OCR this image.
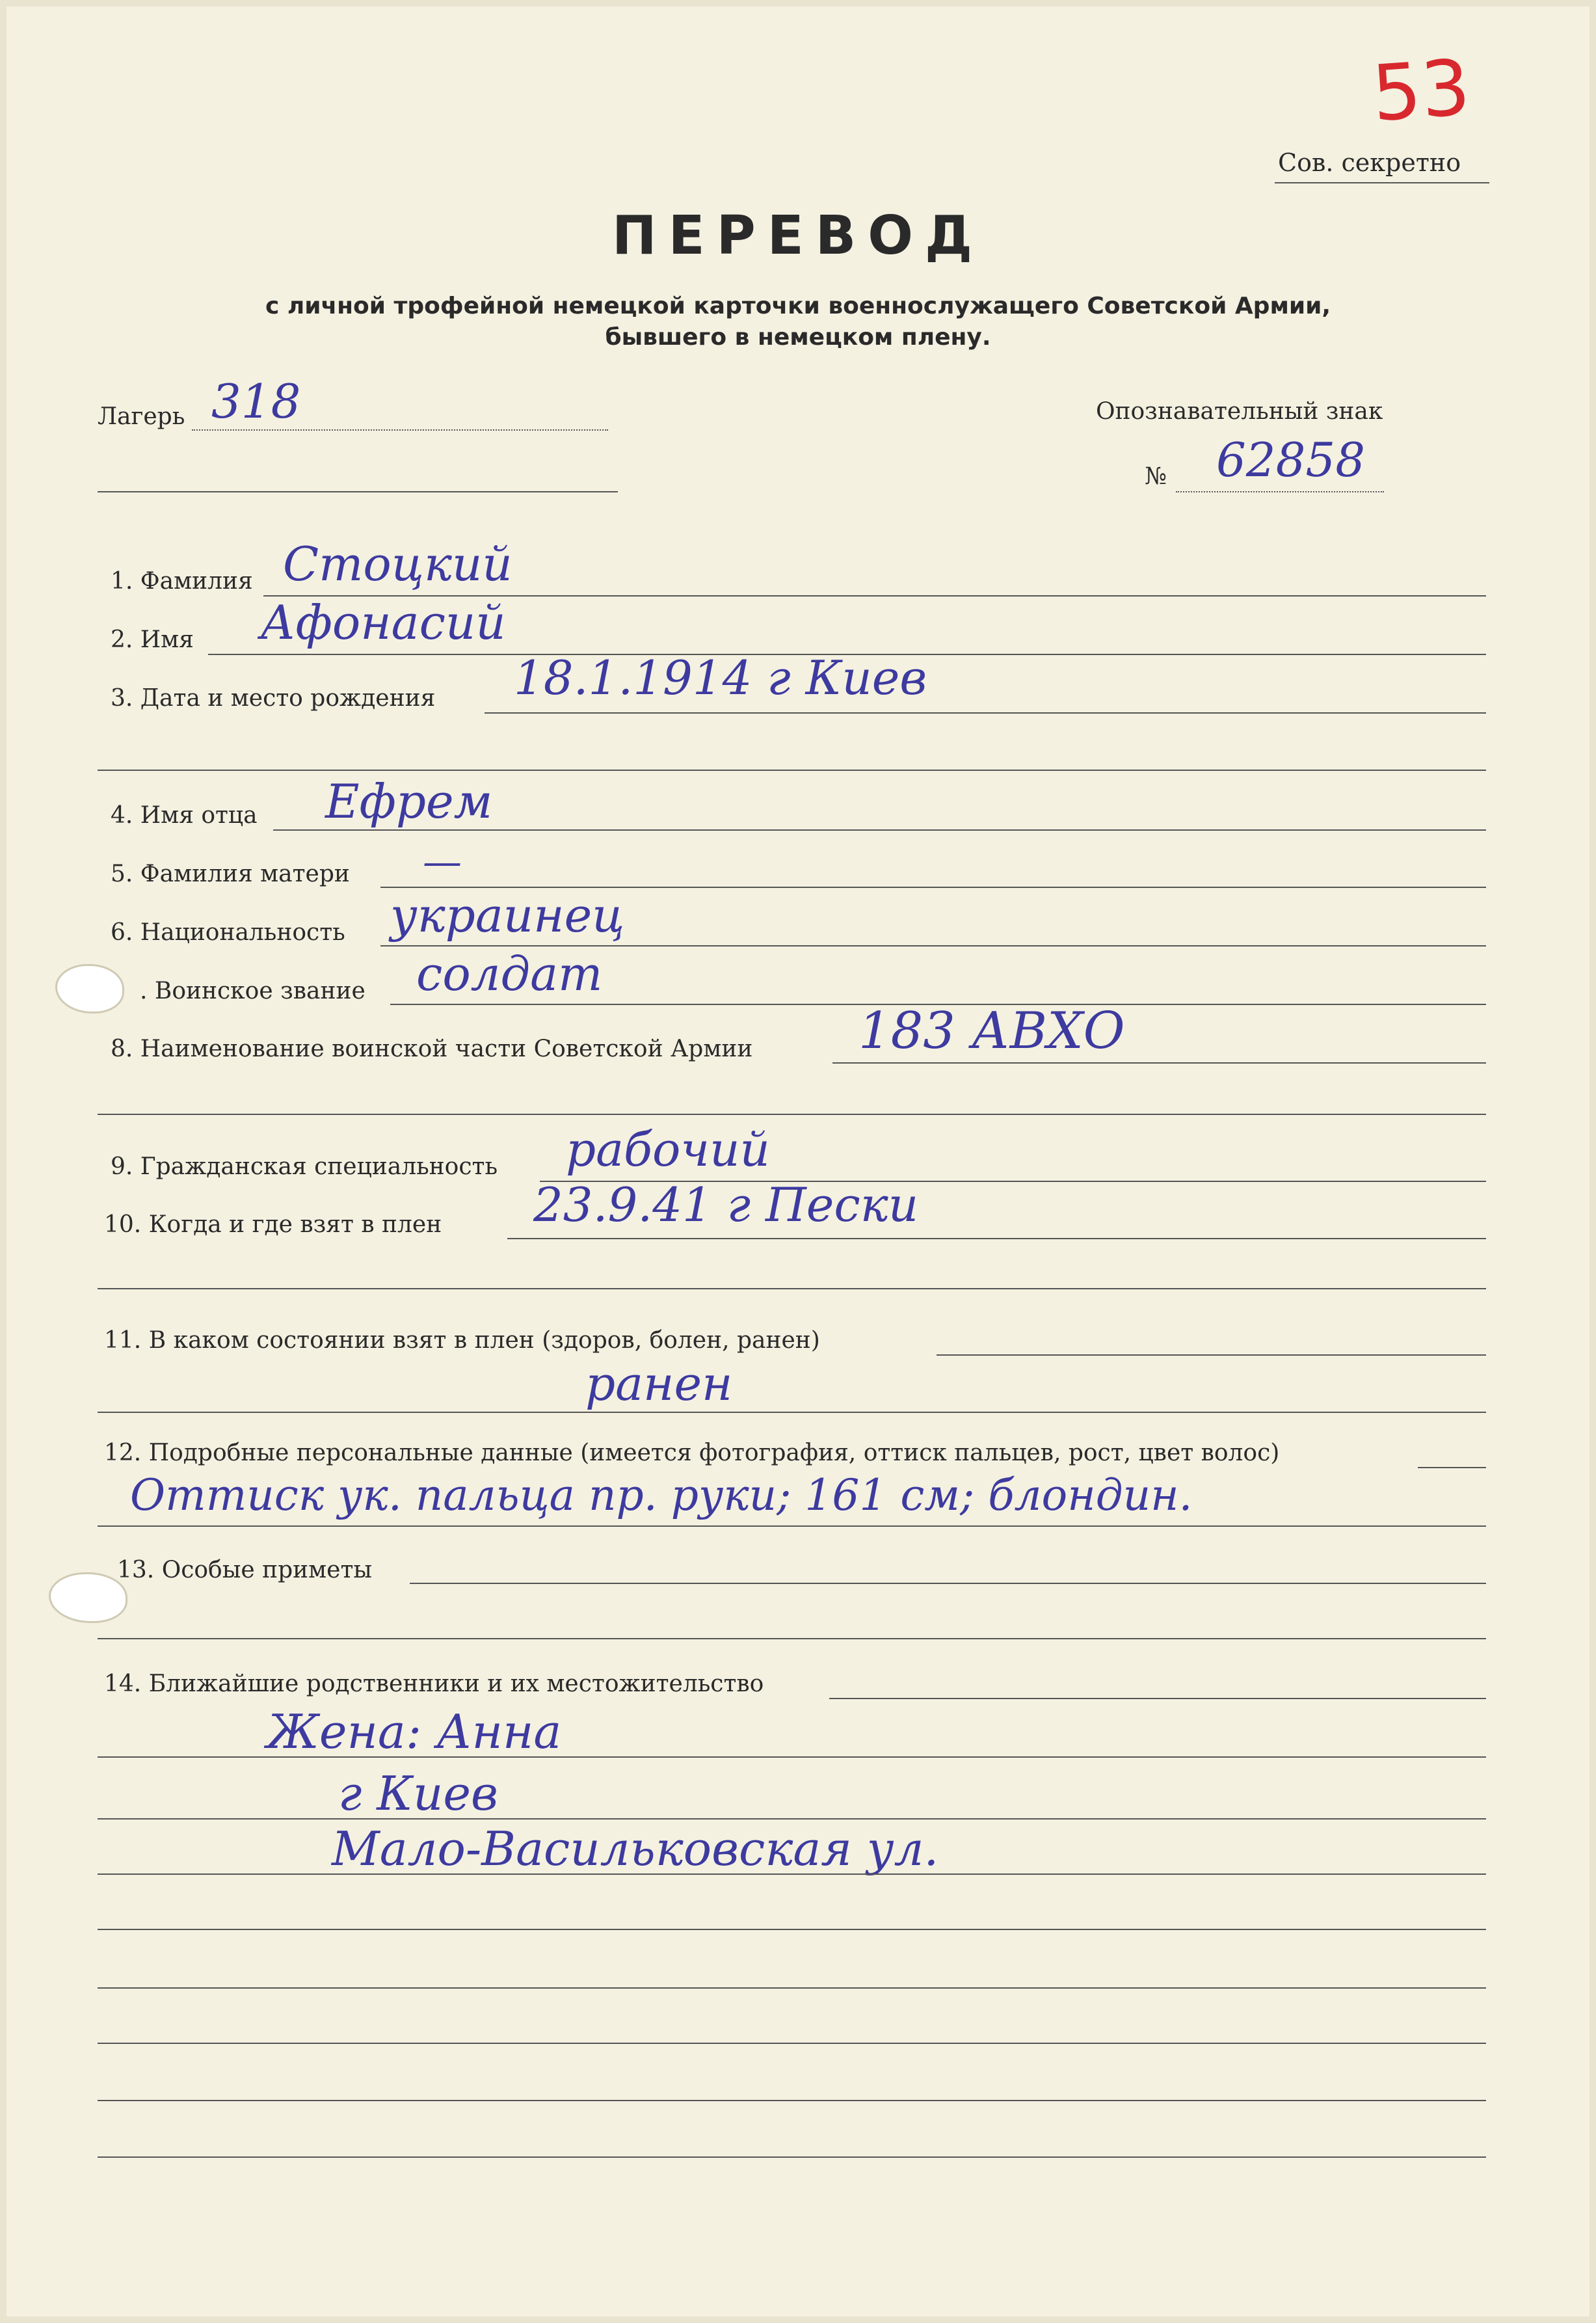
53
Сов. секретно
ПЕРЕВОД
с личной трофейной немецкой карточки военнослужащего Советской Армии,
бывшего в немецком плену.
Лагерь 318	Опознавательный знак
№ 62858
1. Фамилия Стоцкий
2. Имя Афонасий
3. Дата и место рождения 18.1.1914 г Киев
4. Имя отца Ефрем
5. Фамилия матери —
6. Национальность украинец
. Воинское звание солдат
8. Наименование воинской части Советской Армии 183 АВХО
9. Гражданская специальность рабочий
10. Когда и где взят в плен 23.9.41 г Пески
11. В каком состоянии взят в плен (здоров, болен, ранен)
ранен
12. Подробные персональные данные (имеется фотография, оттиск пальцев, рост, цвет волос)
Оттиск ук. пальца пр. руки; 161 см; блондин.
13. Особые приметы
14. Ближайшие родственники и их местожительство
Жена: Анна
г Киев
Мало-Васильковская ул.
